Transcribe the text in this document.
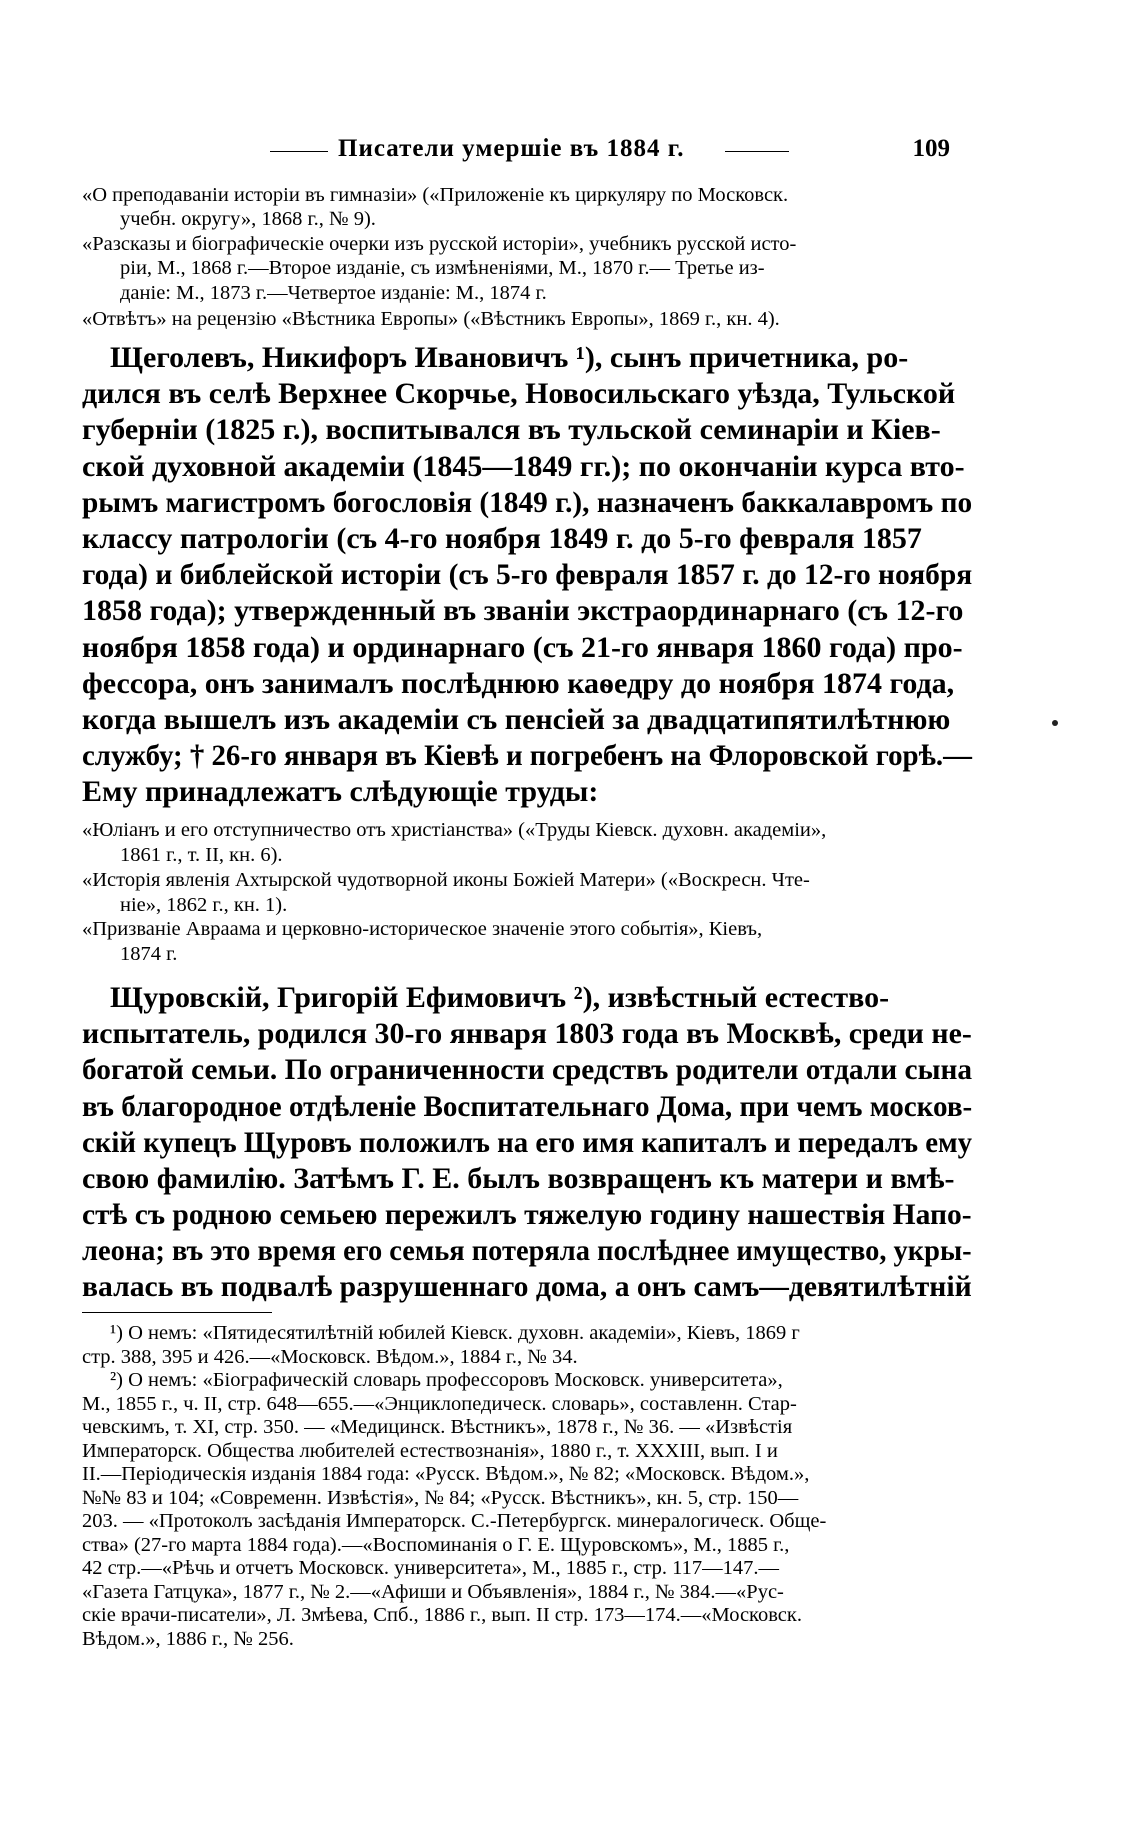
Писатели умершіе въ 1884 г.	109
«О преподаваніи исторіи въ гимназіи» («Приложеніе къ циркуляру по Московск.
учебн. округу», 1868 г., № 9).
«Разсказы и біографическіе очерки изъ русской исторіи», учебникъ русской исто-
ріи, М., 1868 г.—Второе изданіе, съ измѣненіями, М., 1870 г.— Третье из-
даніе: М., 1873 г.—Четвертое изданіе: М., 1874 г.
«Отвѣтъ» на рецензію «Вѣстника Европы» («Вѣстникъ Европы», 1869 г., кн. 4).
Щеголевъ, Никифоръ Ивановичъ ¹), сынъ причетника, ро-
дился въ селѣ Верхнее Скорчье, Новосильскаго уѣзда, Тульской
губерніи (1825 г.), воспитывался въ тульской семинаріи и Кіев-
ской духовной академіи (1845—1849 гг.); по окончаніи курса вто-
рымъ магистромъ богословія (1849 г.), назначенъ баккалавромъ по
классу патрологіи (съ 4-го ноября 1849 г. до 5-го февраля 1857
года) и библейской исторіи (съ 5-го февраля 1857 г. до 12-го ноября
1858 года); утвержденный въ званіи экстраординарнаго (съ 12-го
ноября 1858 года) и ординарнаго (съ 21-го января 1860 года) про-
фессора, онъ занималъ послѣднюю каѳедру до ноября 1874 года,
когда вышелъ изъ академіи съ пенсіей за двадцатипятилѣтнюю
службу; † 26-го января въ Кіевѣ и погребенъ на Флоровской горѣ.—
Ему принадлежатъ слѣдующіе труды:
«Юліанъ и его отступничество отъ христіанства» («Труды Кіевск. духовн. академіи»,
1861 г., т. II, кн. 6).
«Исторія явленія Ахтырской чудотворной иконы Божіей Матери» («Воскресн. Чте-
ніе», 1862 г., кн. 1).
«Призваніе Авраама и церковно-историческое значеніе этого событія», Кіевъ,
1874 г.
Щуровскій, Григорій Ефимовичъ ²), извѣстный естество-
испытатель, родился 30-го января 1803 года въ Москвѣ, среди не-
богатой семьи. По ограниченности средствъ родители отдали сына
въ благородное отдѣленіе Воспитательнаго Дома, при чемъ москов-
скій купецъ Щуровъ положилъ на его имя капиталъ и передалъ ему
свою фамилію. Затѣмъ Г. Е. былъ возвращенъ къ матери и вмѣ-
стѣ съ родною семьею пережилъ тяжелую годину нашествія Напо-
леона; въ это время его семья потеряла послѣднее имущество, укры-
валась въ подвалѣ разрушеннаго дома, а онъ самъ—девятилѣтній
¹) О немъ: «Пятидесятилѣтній юбилей Кіевск. духовн. академіи», Кіевъ, 1869 г
стр. 388, 395 и 426.—«Московск. Вѣдом.», 1884 г., № 34.
²) О немъ: «Біографическій словарь профессоровъ Московск. университета»,
М., 1855 г., ч. II, стр. 648—655.—«Энциклопедическ. словарь», составленн. Стар-
чевскимъ, т. XI, стр. 350. — «Медицинск. Вѣстникъ», 1878 г., № 36. — «Извѣстія
Императорск. Общества любителей естествознанія», 1880 г., т. XXXIII, вып. I и
II.—Періодическія изданія 1884 года: «Русск. Вѣдом.», № 82; «Московск. Вѣдом.»,
№№ 83 и 104; «Современн. Извѣстія», № 84; «Русск. Вѣстникъ», кн. 5, стр. 150—
203. — «Протоколъ засѣданія Императорск. С.-Петербургск. минералогическ. Обще-
ства» (27-го марта 1884 года).—«Воспоминанія о Г. Е. Щуровскомъ», М., 1885 г.,
42 стр.—«Рѣчь и отчетъ Московск. университета», М., 1885 г., стр. 117—147.—
«Газета Гатцука», 1877 г., № 2.—«Афиши и Объявленія», 1884 г., № 384.—«Рус-
скіе врачи-писатели», Л. Змѣева, Спб., 1886 г., вып. II стр. 173—174.—«Московск.
Вѣдом.», 1886 г., № 256.
